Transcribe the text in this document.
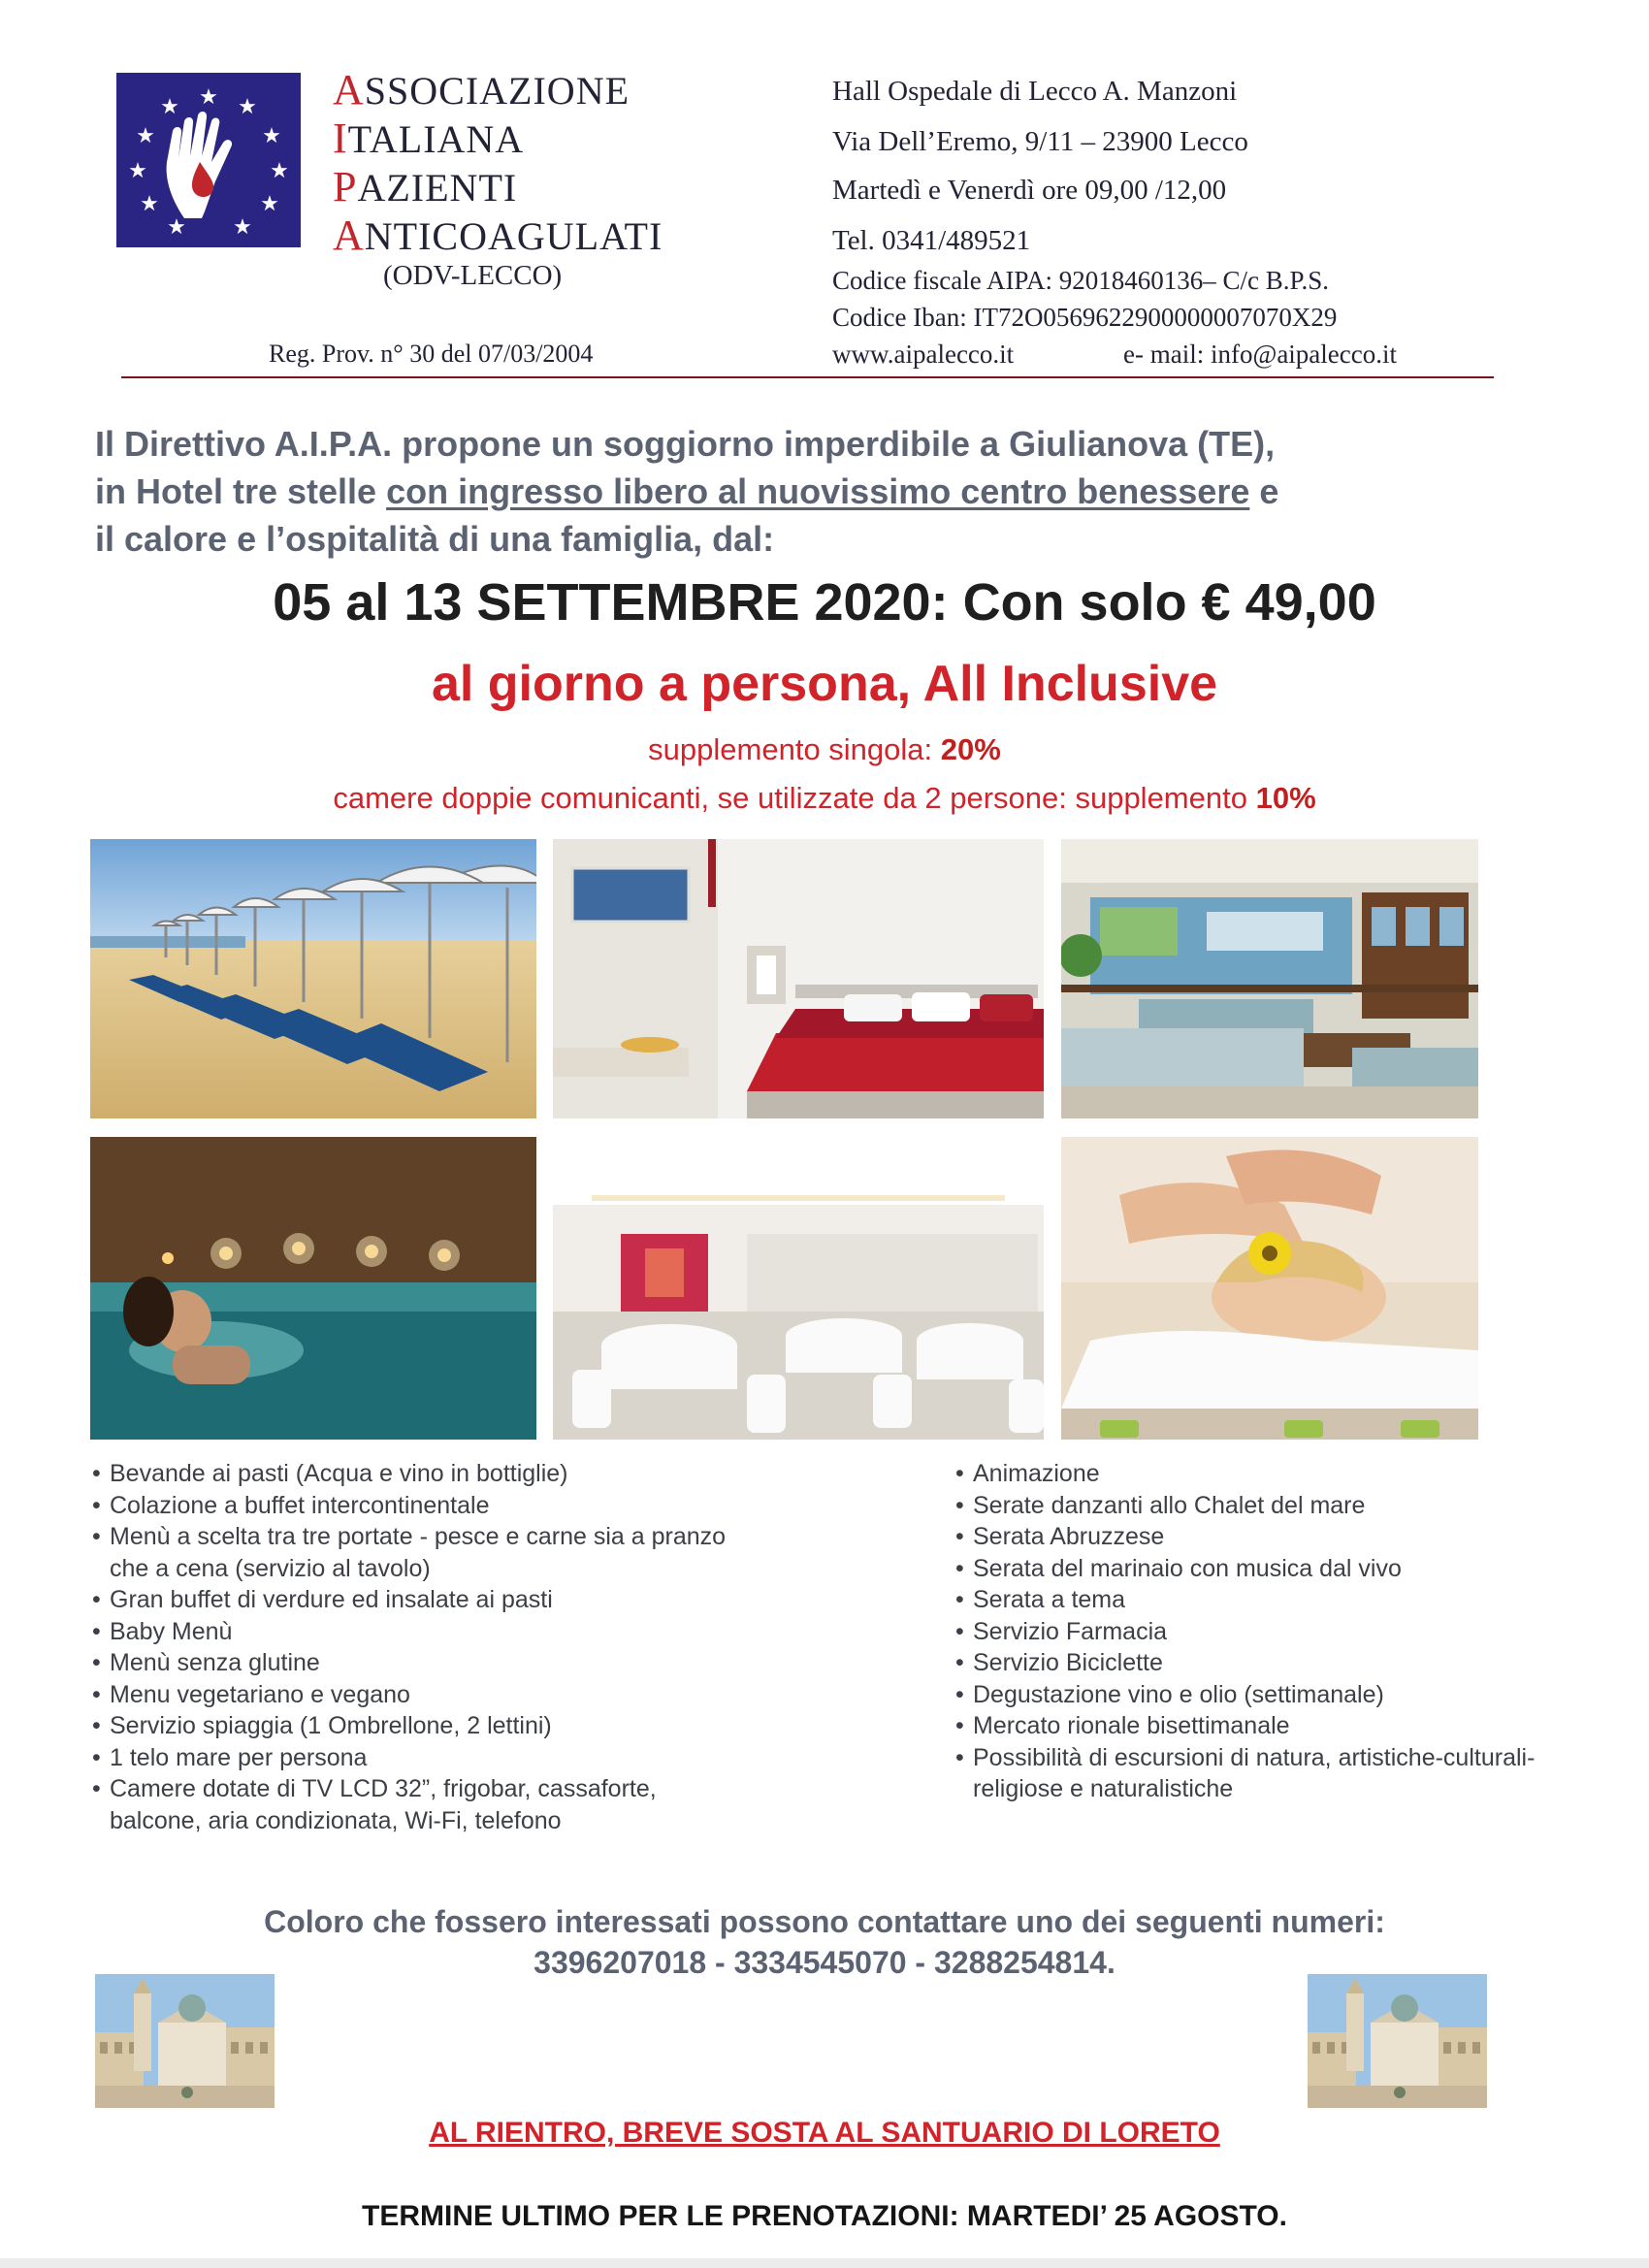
★ ★
★
★
★
★
★
★
★
★
★	ASSOCIAZIONE
ITALIANA
PAZIENTI
ANTICOAGULATI
(ODV-LECCO)
Reg. Prov. n° 30 del 07/03/2004
Hall Ospedale di Lecco A. Manzoni
Via Dell’Eremo, 9/11 – 23900 Lecco
Martedì e Venerdì ore 09,00 /12,00
Tel. 0341/489521
Codice fiscale AIPA: 92018460136– C/c B.P.S.
Codice Iban: IT72O0569622900000007070X29
www.aipalecco.it	e- mail: info@aipalecco.it
Il Direttivo A.I.P.A. propone un soggiorno imperdibile a Giulianova (TE),
in Hotel tre stelle con ingresso libero al nuovissimo centro benessere e
il calore e l’ospitalità di una famiglia, dal:
05 al 13 SETTEMBRE 2020: Con solo € 49,00
al giorno a persona, All Inclusive
supplemento singola: 20%
camere doppie comunicanti, se utilizzate da 2 persone: supplemento 10%
• Bevande ai pasti (Acqua e vino in bottiglie)
• Colazione a buffet intercontinentale
• Menù a scelta tra tre portate - pesce e carne sia a pranzo che a cena (servizio al tavolo)
• Gran buffet di verdure ed insalate ai pasti
• Baby Menù
• Menù senza glutine
• Menu vegetariano e vegano
• Servizio spiaggia (1 Ombrellone, 2 lettini)
• 1 telo mare per persona
• Camere dotate di TV LCD 32”, frigobar, cassaforte, balcone, aria condizionata, Wi-Fi, telefono
• Animazione
• Serate danzanti allo Chalet del mare
• Serata Abruzzese
• Serata del marinaio con musica dal vivo
• Serata a tema
• Servizio Farmacia
• Servizio Biciclette
• Degustazione vino e olio (settimanale)
• Mercato rionale bisettimanale
• Possibilità di escursioni di natura, artistiche-culturali-religiose e naturalistiche
Coloro che fossero interessati possono contattare uno dei seguenti numeri:
3396207018 - 3334545070 - 3288254814.
AL RIENTRO, BREVE SOSTA AL SANTUARIO DI LORETO
TERMINE ULTIMO PER LE PRENOTAZIONI: MARTEDI’ 25 AGOSTO.
